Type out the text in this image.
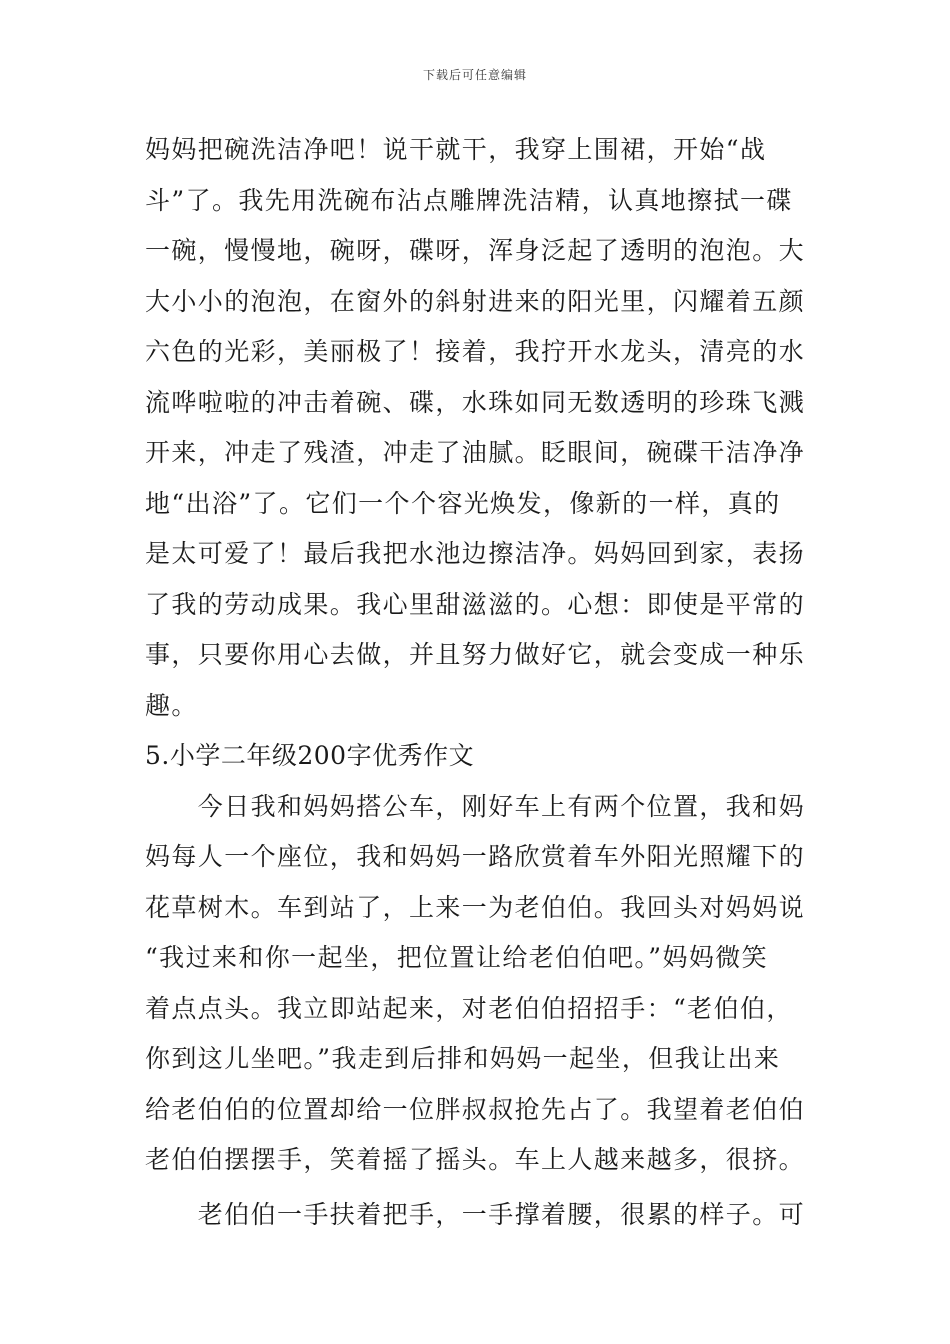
下载后可任意编辑
妈妈把碗洗洁净吧！说干就干，我穿上围裙，开始“战
斗”了。我先用洗碗布沾点雕牌洗洁精，认真地擦拭一碟
一碗，慢慢地，碗呀，碟呀，浑身泛起了透明的泡泡。大
大小小的泡泡，在窗外的斜射进来的阳光里，闪耀着五颜
六色的光彩，美丽极了！接着，我拧开水龙头，清亮的水
流哗啦啦的冲击着碗、碟，水珠如同无数透明的珍珠飞溅
开来，冲走了残渣，冲走了油腻。眨眼间，碗碟干洁净净
地“出浴”了。它们一个个容光焕发，像新的一样，真的
是太可爱了！最后我把水池边擦洁净。妈妈回到家，表扬
了我的劳动成果。我心里甜滋滋的。心想：即使是平常的
事，只要你用心去做，并且努力做好它，就会变成一种乐
趣。
5.小学二年级200字优秀作文
　　今日我和妈妈搭公车，刚好车上有两个位置，我和妈
妈每人一个座位，我和妈妈一路欣赏着车外阳光照耀下的
花草树木。车到站了，上来一为老伯伯。我回头对妈妈说
“我过来和你一起坐，把位置让给老伯伯吧。”妈妈微笑
着点点头。我立即站起来，对老伯伯招招手：“老伯伯，
你到这儿坐吧。”我走到后排和妈妈一起坐，但我让出来
给老伯伯的位置却给一位胖叔叔抢先占了。我望着老伯伯
老伯伯摆摆手，笑着摇了摇头。车上人越来越多，很挤。
　　老伯伯一手扶着把手，一手撑着腰，很累的样子。可
